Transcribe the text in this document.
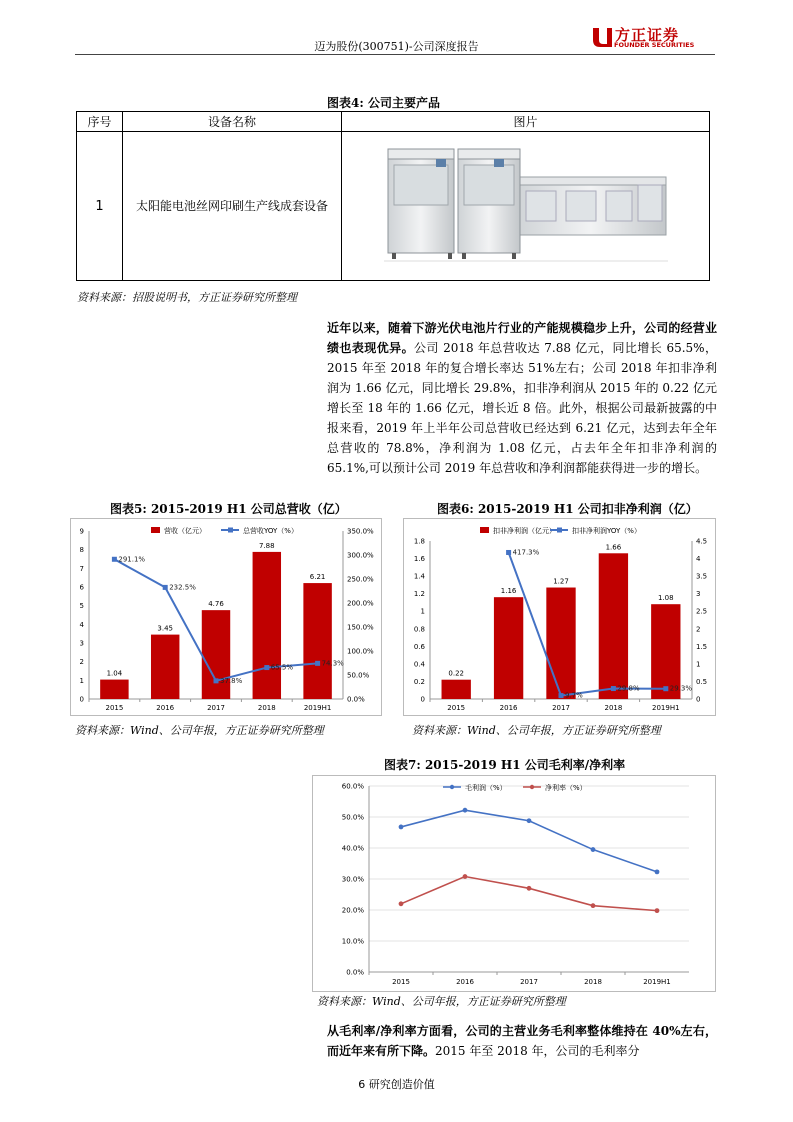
迈为股份(300751)-公司深度报告
方正证券
FOUNDER SECURITIES
图表4: 公司主要产品
序号	设备名称	图片
1	太阳能电池丝网印刷生产线成套设备	
资料来源：招股说明书，方正证券研究所整理
近年以来，随着下游光伏电池片行业的产能规模稳步上升，公司的经营业绩也表现优异。公司 2018 年总营收达 7.88 亿元，同比增长 65.5%，2015 年至 2018 年的复合增长率达 51%左右；公司 2018 年扣非净利润为 1.66 亿元，同比增长 29.8%，扣非净利润从 2015 年的 0.22 亿元增长至 18 年的 1.66 亿元，增长近 8 倍。此外，根据公司最新披露的中报来看，2019 年上半年公司总营收已经达到 6.21 亿元，达到去年全年总营收的 78.8%，净利润为 1.08 亿元，占去年全年扣非净利润的 65.1%,可以预计公司 2019 年总营收和净利润都能获得进一步的增长。
图表5: 2015-2019 H1 公司总营收（亿）
0
1
2
3
4
5
6
7
8
9
0.0%
50.0%
100.0%
150.0%
200.0%
250.0%
300.0%
350.0%
2015
1.04
2016
3.45
2017
4.76
2018
7.88
2019H1
6.21
291.1%
232.5%
37.8%
65.5%
74.3%
营收（亿元）	总营收YOY（%）
资料来源：Wind、公司年报，方正证券研究所整理
图表6: 2015-2019 H1 公司扣非净利润（亿）
0
0.2
0.4
0.6
0.8
1
1.2
1.4
1.6
1.8
0
0.5
1
1.5
2
2.5
3
3.5
4
4.5
2015
0.22
2016
1.16
2017
1.27
2018
1.66
2019H1
1.08
417.3%
9.7%
29.8%	29.3%
扣非净利润（亿元） 扣非净利润YOY（%）
资料来源：Wind、公司年报，方正证券研究所整理
图表7: 2015-2019 H1 公司毛利率/净利率
0.0%
10.0%
20.0%
30.0%
40.0%
50.0%
60.0%
2015	2016	2017	2018	2019H1
毛利润（%）	净利率（%）
资料来源：Wind、公司年报，方正证券研究所整理
从毛利率/净利率方面看，公司的主营业务毛利率整体维持在 40%左右，而近年来有所下降。2015 年至 2018 年，公司的毛利率分
6 研究创造价值
